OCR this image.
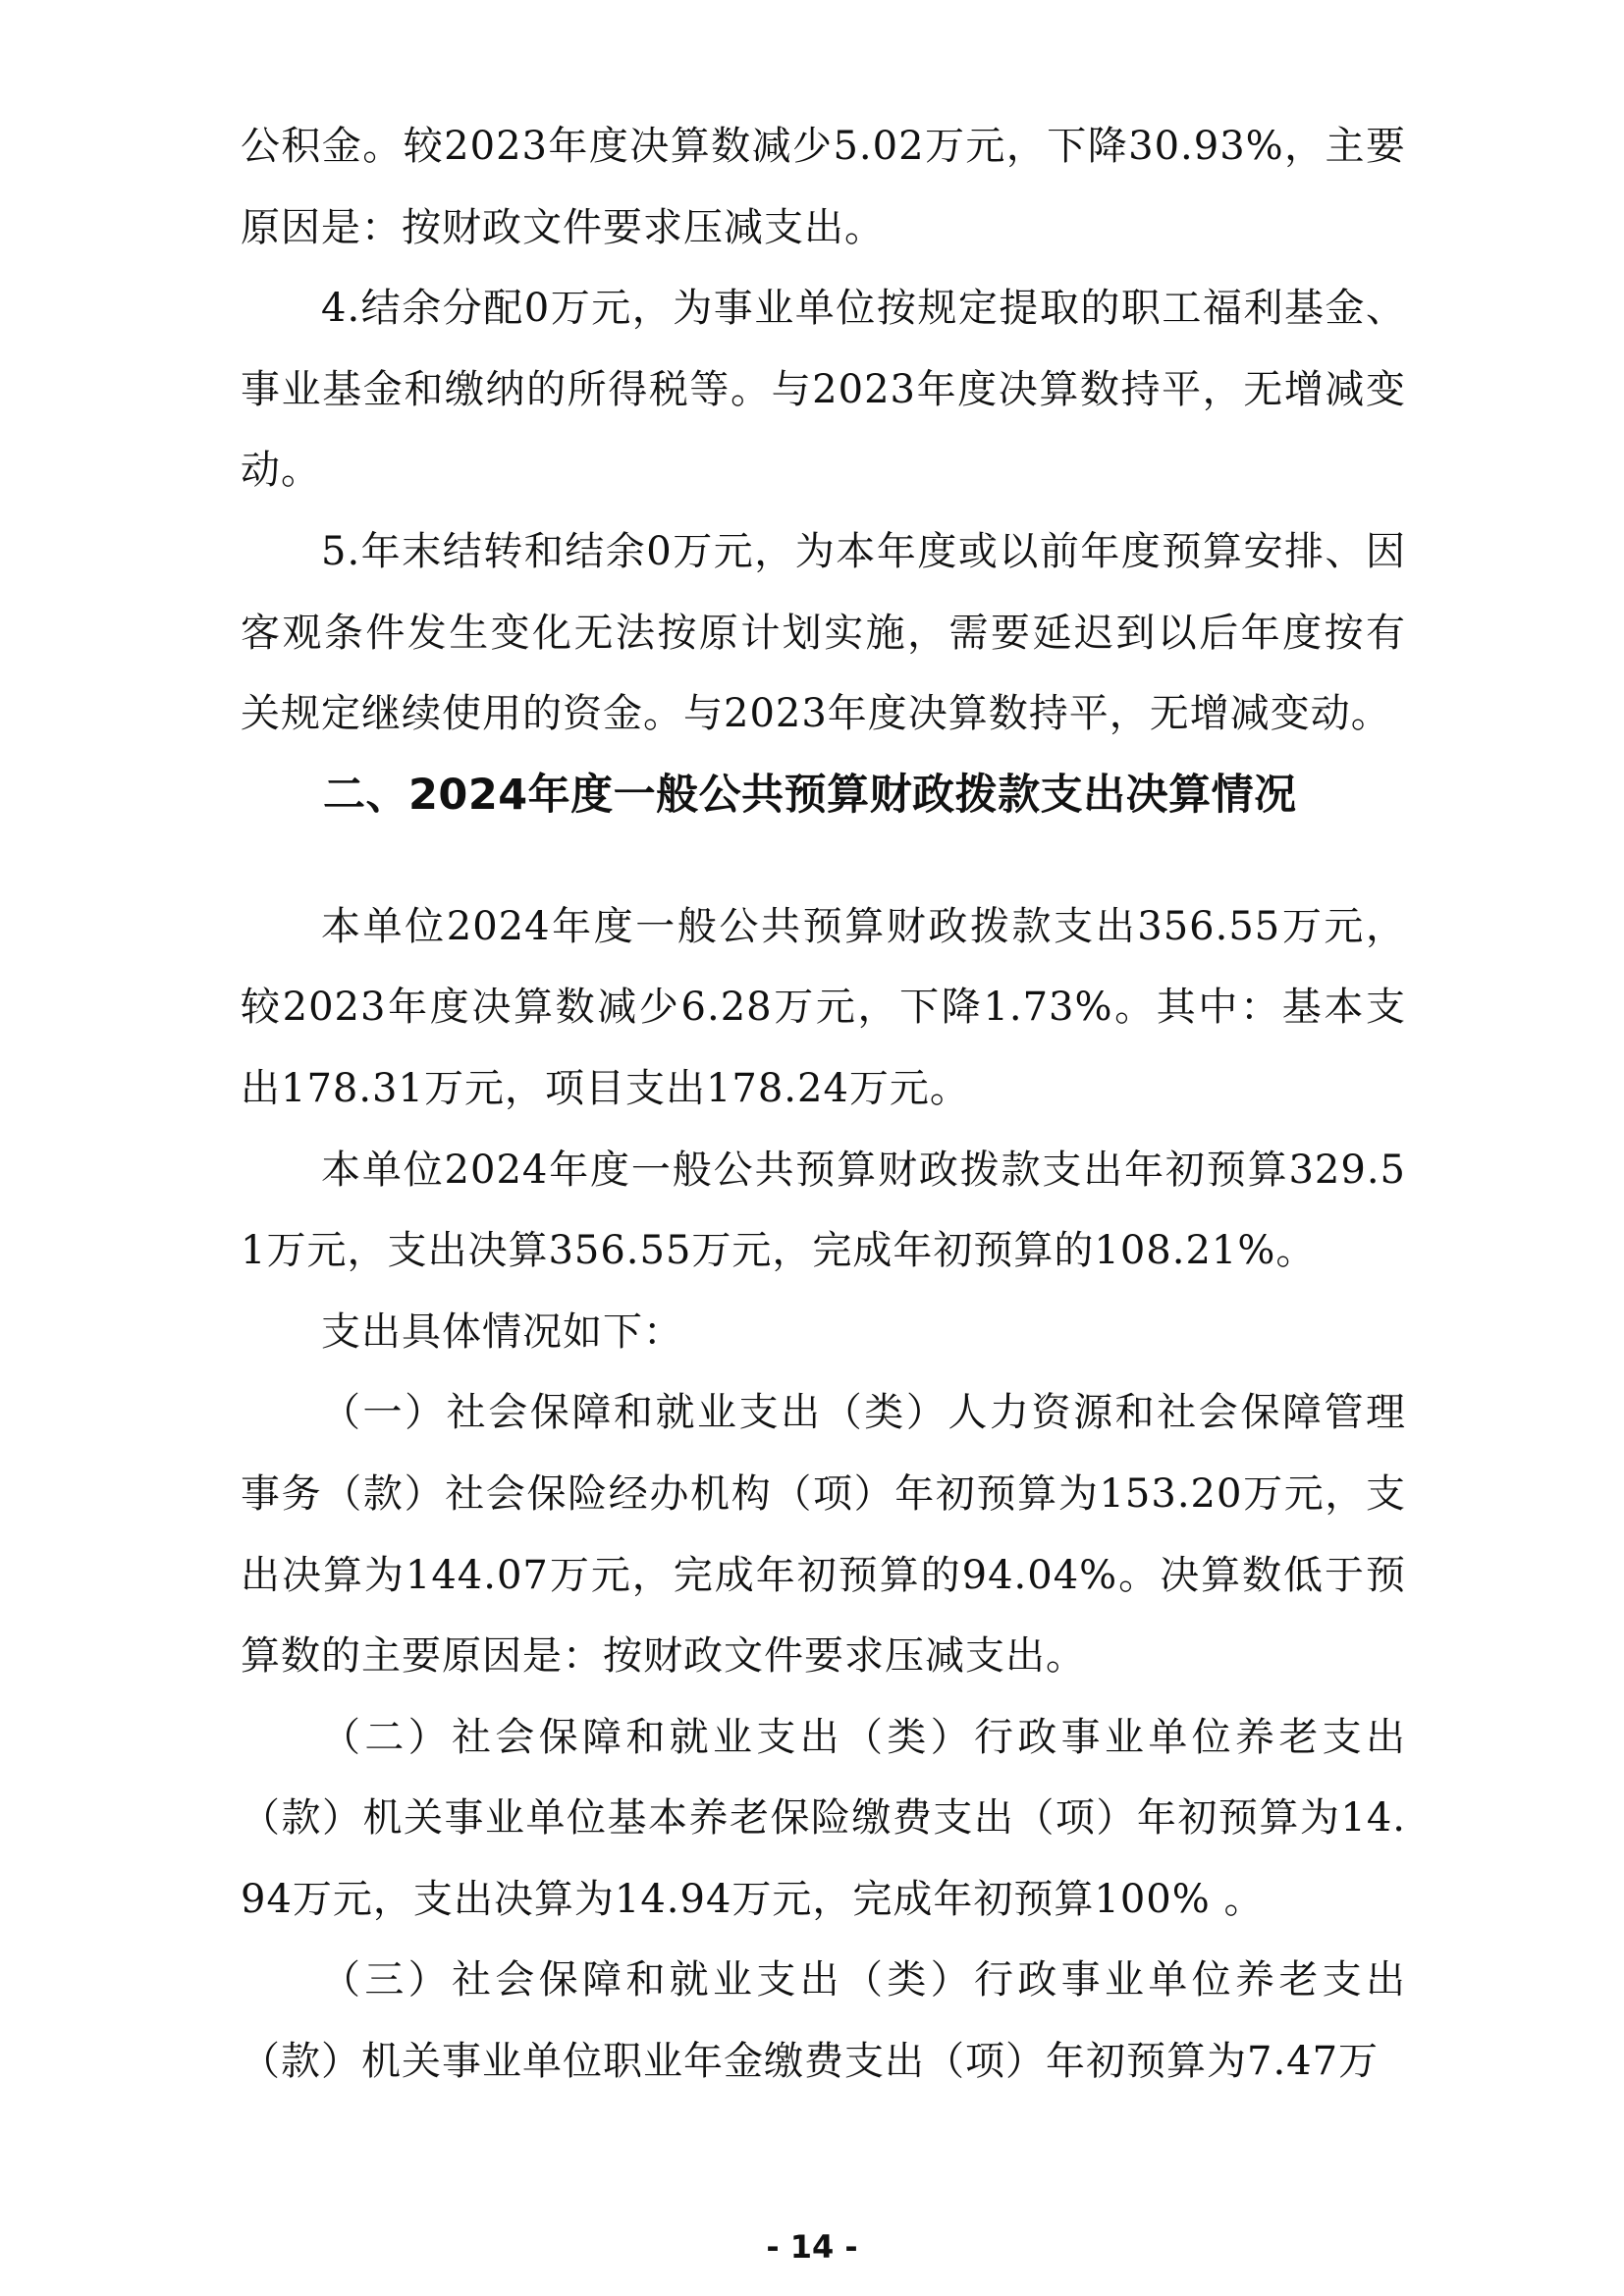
公积金。较2023年度决算数减少5.02万元，下降30.93%，主要原因是：按财政文件要求压减支出。

4.结余分配0万元，为事业单位按规定提取的职工福利基金、事业基金和缴纳的所得税等。与2023年度决算数持平，无增减变动。

5.年末结转和结余0万元，为本年度或以前年度预算安排、因客观条件发生变化无法按原计划实施，需要延迟到以后年度按有关规定继续使用的资金。与2023年度决算数持平，无增减变动。

二、2024年度一般公共预算财政拨款支出决算情况

本单位2024年度一般公共预算财政拨款支出356.55万元，较2023年度决算数减少6.28万元，下降1.73%。其中：基本支出178.31万元，项目支出178.24万元。

本单位2024年度一般公共预算财政拨款支出年初预算329.51万元，支出决算356.55万元，完成年初预算的108.21%。

支出具体情况如下：

（一）社会保障和就业支出（类）人力资源和社会保障管理事务（款）社会保险经办机构（项）年初预算为153.20万元，支出决算为144.07万元，完成年初预算的94.04%。决算数低于预算数的主要原因是：按财政文件要求压减支出。

（二）社会保障和就业支出（类）行政事业单位养老支出（款）机关事业单位基本养老保险缴费支出（项）年初预算为14.94万元，支出决算为14.94万元，完成年初预算100% 。

（三）社会保障和就业支出（类）行政事业单位养老支出（款）机关事业单位职业年金缴费支出（项）年初预算为7.47万

- 14 -
